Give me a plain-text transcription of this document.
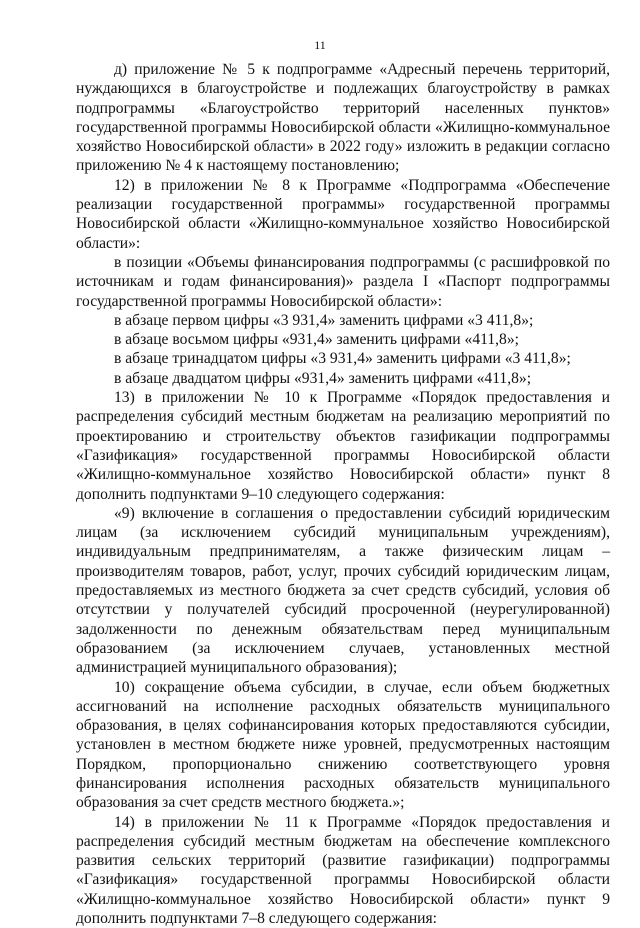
11

д) приложение № 5 к подпрограмме «Адресный перечень территорий, нуждающихся в благоустройстве и подлежащих благоустройству в рамках подпрограммы «Благоустройство территорий населенных пунктов» государственной программы Новосибирской области «Жилищно-коммунальное хозяйство Новосибирской области» в 2022 году» изложить в редакции согласно приложению № 4 к настоящему постановлению;

12) в приложении № 8 к Программе «Подпрограмма «Обеспечение реализации государственной программы» государственной программы Новосибирской области «Жилищно-коммунальное хозяйство Новосибирской области»:

в позиции «Объемы финансирования подпрограммы (с расшифровкой по источникам и годам финансирования)» раздела I «Паспорт подпрограммы государственной программы Новосибирской области»:

в абзаце первом цифры «3 931,4» заменить цифрами «3 411,8»;

в абзаце восьмом цифры «931,4» заменить цифрами «411,8»;

в абзаце тринадцатом цифры «3 931,4» заменить цифрами «3 411,8»;

в абзаце двадцатом цифры «931,4» заменить цифрами «411,8»;

13) в приложении № 10 к Программе «Порядок предоставления и распределения субсидий местным бюджетам на реализацию мероприятий по проектированию и строительству объектов газификации подпрограммы «Газификация» государственной программы Новосибирской области «Жилищно-коммунальное хозяйство Новосибирской области» пункт 8 дополнить подпунктами 9–10 следующего содержания:

«9) включение в соглашения о предоставлении субсидий юридическим лицам (за исключением субсидий муниципальным учреждениям), индивидуальным предпринимателям, а также физическим лицам – производителям товаров, работ, услуг, прочих субсидий юридическим лицам, предоставляемых из местного бюджета за счет средств субсидий, условия об отсутствии у получателей субсидий просроченной (неурегулированной) задолженности по денежным обязательствам перед муниципальным образованием (за исключением случаев, установленных местной администрацией муниципального образования);

10) сокращение объема субсидии, в случае, если объем бюджетных ассигнований на исполнение расходных обязательств муниципального образования, в целях софинансирования которых предоставляются субсидии, установлен в местном бюджете ниже уровней, предусмотренных настоящим Порядком, пропорционально снижению соответствующего уровня финансирования исполнения расходных обязательств муниципального образования за счет средств местного бюджета.»;

14) в приложении № 11 к Программе «Порядок предоставления и распределения субсидий местным бюджетам на обеспечение комплексного развития сельских территорий (развитие газификации) подпрограммы «Газификация» государственной программы Новосибирской области «Жилищно-коммунальное хозяйство Новосибирской области» пункт 9 дополнить подпунктами 7–8 следующего содержания:
